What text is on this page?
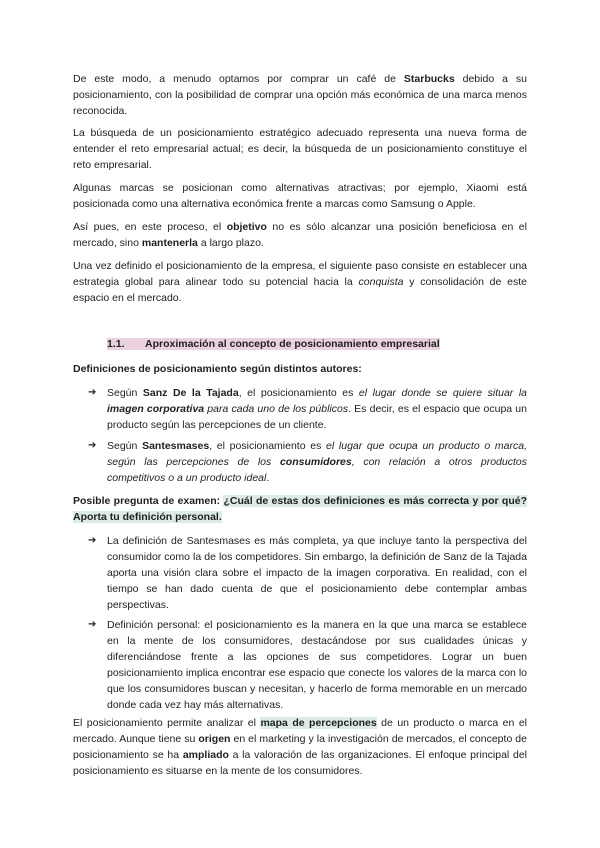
De este modo, a menudo optamos por comprar un café de Starbucks debido a su posicionamiento, con la posibilidad de comprar una opción más económica de una marca menos reconocida.

La búsqueda de un posicionamiento estratégico adecuado representa una nueva forma de entender el reto empresarial actual; es decir, la búsqueda de un posicionamiento constituye el reto empresarial.

Algunas marcas se posicionan como alternativas atractivas; por ejemplo, Xiaomi está posicionada como una alternativa económica frente a marcas como Samsung o Apple.

Así pues, en este proceso, el objetivo no es sólo alcanzar una posición beneficiosa en el mercado, sino mantenerla a largo plazo.

Una vez definido el posicionamiento de la empresa, el siguiente paso consiste en establecer una estrategia global para alinear todo su potencial hacia la conquista y consolidación de este espacio en el mercado.

1.1. Aproximación al concepto de posicionamiento empresarial
Definiciones de posicionamiento según distintos autores:
➔	Según Sanz De la Tajada, el posicionamiento es el lugar donde se quiere situar la imagen corporativa para cada uno de los públicos. Es decir, es el espacio que ocupa un producto según las percepciones de un cliente.
➔	Según Santesmases, el posicionamiento es el lugar que ocupa un producto o marca, según las percepciones de los consumidores, con relación a otros productos competitivos o a un producto ideal.
Posible pregunta de examen: ¿Cuál de estas dos definiciones es más correcta y por qué? Aporta tu definición personal.
➔	La definición de Santesmases es más completa, ya que incluye tanto la perspectiva del consumidor como la de los competidores. Sin embargo, la definición de Sanz de la Tajada aporta una visión clara sobre el impacto de la imagen corporativa. En realidad, con el tiempo se han dado cuenta de que el posicionamiento debe contemplar ambas perspectivas.
➔	Definición personal: el posicionamiento es la manera en la que una marca se establece en la mente de los consumidores, destacándose por sus cualidades únicas y diferenciándose frente a las opciones de sus competidores. Lograr un buen posicionamiento implica encontrar ese espacio que conecte los valores de la marca con lo que los consumidores buscan y necesitan, y hacerlo de forma memorable en un mercado donde cada vez hay más alternativas.

El posicionamiento permite analizar el mapa de percepciones de un producto o marca en el mercado. Aunque tiene su origen en el marketing y la investigación de mercados, el concepto de posicionamiento se ha ampliado a la valoración de las organizaciones. El enfoque principal del posicionamiento es situarse en la mente de los consumidores.
